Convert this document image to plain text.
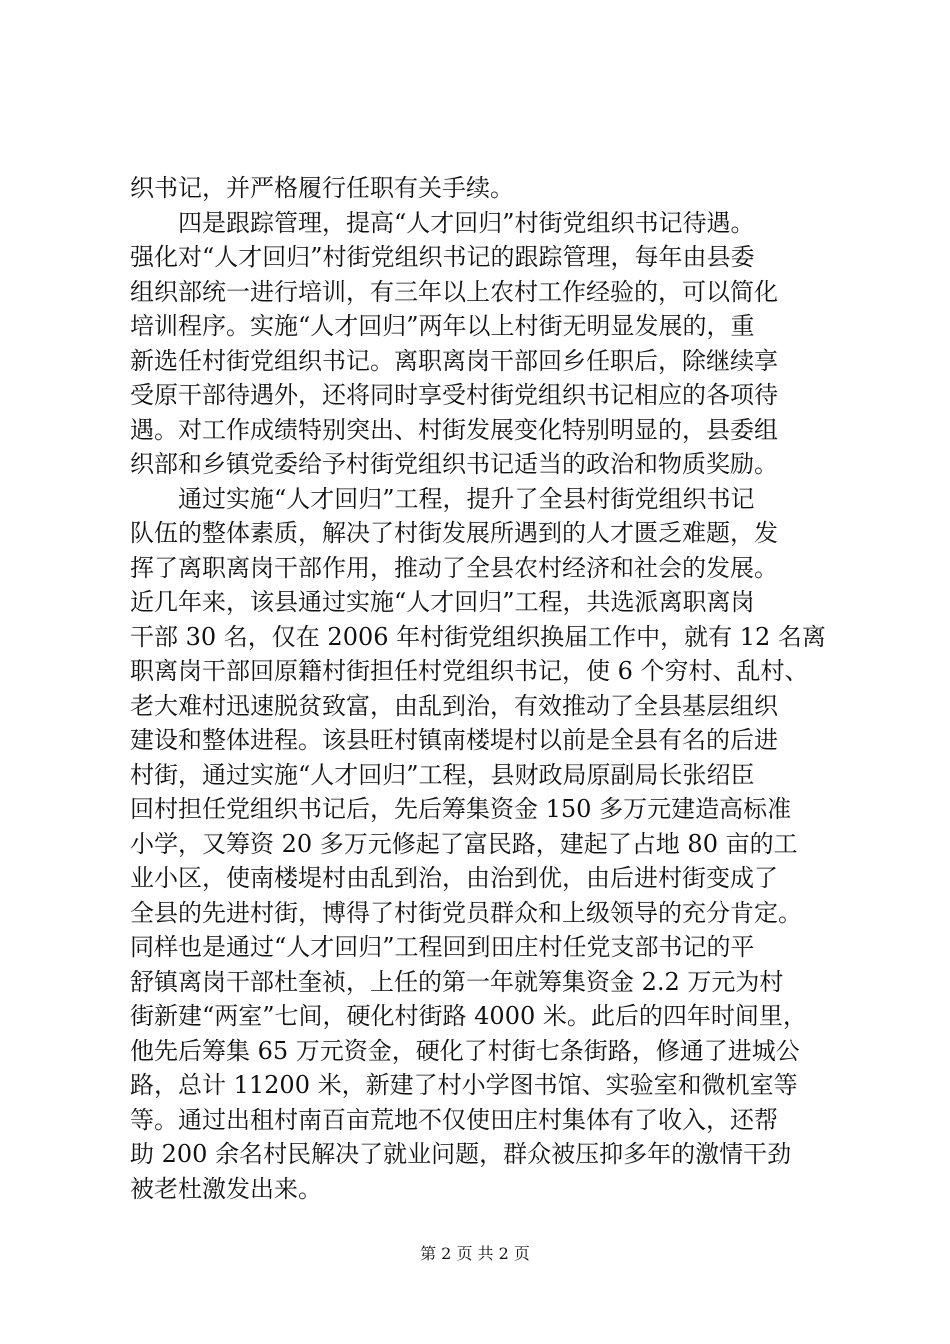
织书记，并严格履行任职有关手续。
　　四是跟踪管理，提高“人才回归”村街党组织书记待遇。
强化对“人才回归”村街党组织书记的跟踪管理，每年由县委
组织部统一进行培训，有三年以上农村工作经验的，可以简化
培训程序。实施“人才回归”两年以上村街无明显发展的，重
新选任村街党组织书记。离职离岗干部回乡任职后，除继续享
受原干部待遇外，还将同时享受村街党组织书记相应的各项待
遇。对工作成绩特别突出、村街发展变化特别明显的，县委组
织部和乡镇党委给予村街党组织书记适当的政治和物质奖励。
　　通过实施“人才回归”工程，提升了全县村街党组织书记
队伍的整体素质，解决了村街发展所遇到的人才匮乏难题，发
挥了离职离岗干部作用，推动了全县农村经济和社会的发展。
近几年来，该县通过实施“人才回归”工程，共选派离职离岗
干部 30 名，仅在 2006 年村街党组织换届工作中，就有 12 名离
职离岗干部回原籍村街担任村党组织书记，使 6 个穷村、乱村、
老大难村迅速脱贫致富，由乱到治，有效推动了全县基层组织
建设和整体进程。该县旺村镇南楼堤村以前是全县有名的后进
村街，通过实施“人才回归”工程，县财政局原副局长张绍臣
回村担任党组织书记后，先后筹集资金 150 多万元建造高标准
小学，又筹资 20 多万元修起了富民路，建起了占地 80 亩的工
业小区，使南楼堤村由乱到治，由治到优，由后进村街变成了
全县的先进村街，博得了村街党员群众和上级领导的充分肯定。
同样也是通过“人才回归”工程回到田庄村任党支部书记的平
舒镇离岗干部杜奎祯，上任的第一年就筹集资金 2.2 万元为村
街新建“两室”七间，硬化村街路 4000 米。此后的四年时间里，
他先后筹集 65 万元资金，硬化了村街七条街路，修通了进城公
路，总计 11200 米，新建了村小学图书馆、实验室和微机室等
等。通过出租村南百亩荒地不仅使田庄村集体有了收入，还帮
助 200 余名村民解决了就业问题，群众被压抑多年的激情干劲
被老杜激发出来。
第 2 页 共 2 页
